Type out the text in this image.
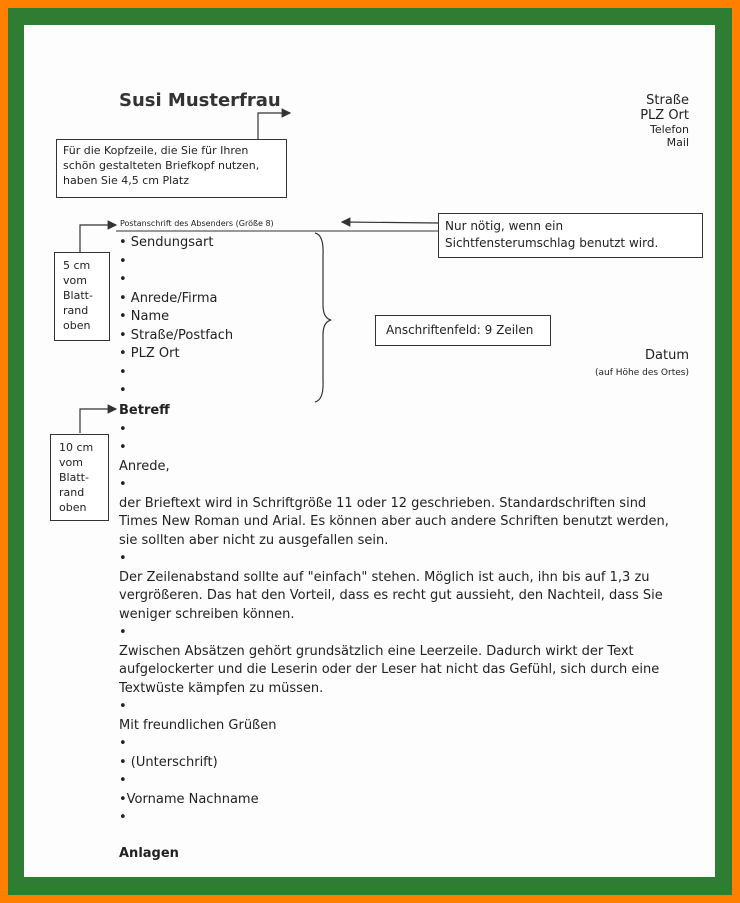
Susi Musterfrau	Straße
PLZ Ort
Telefon
Mail
Für die Kopfzeile, die Sie für Ihren schön gestalteten Briefkopf nutzen, haben Sie 4,5 cm Platz
Nur nötig, wenn ein Sichtfensterumschlag benutzt wird.
Postanschrift des Absenders (Größe 8)
• Sendungsart
•
•
• Anrede/Firma
• Name
• Straße/Postfach
• PLZ Ort
•
•
5 cm
vom
Blatt-
rand
oben	Anschriftenfeld: 9 Zeilen
Datum
(auf Höhe des Ortes)
10 cm
vom
Blatt-
rand
oben
Betreff
•
•
Anrede,
•
der Brieftext wird in Schriftgröße 11 oder 12 geschrieben. Standardschriften sind Times New Roman und Arial. Es können aber auch andere Schriften benutzt werden, sie sollten aber nicht zu ausgefallen sein.
•
Der Zeilenabstand sollte auf "einfach" stehen. Möglich ist auch, ihn bis auf 1,3 zu vergrößeren. Das hat den Vorteil, dass es recht gut aussieht, den Nachteil, dass Sie weniger schreiben können.
•
Zwischen Absätzen gehört grundsätzlich eine Leerzeile. Dadurch wirkt der Text aufgelockerter und die Leserin oder der Leser hat nicht das Gefühl, sich durch eine Textwüste kämpfen zu müssen.
•
Mit freundlichen Grüßen
•
• (Unterschrift)
•
•Vorname Nachname
•
Anlagen
